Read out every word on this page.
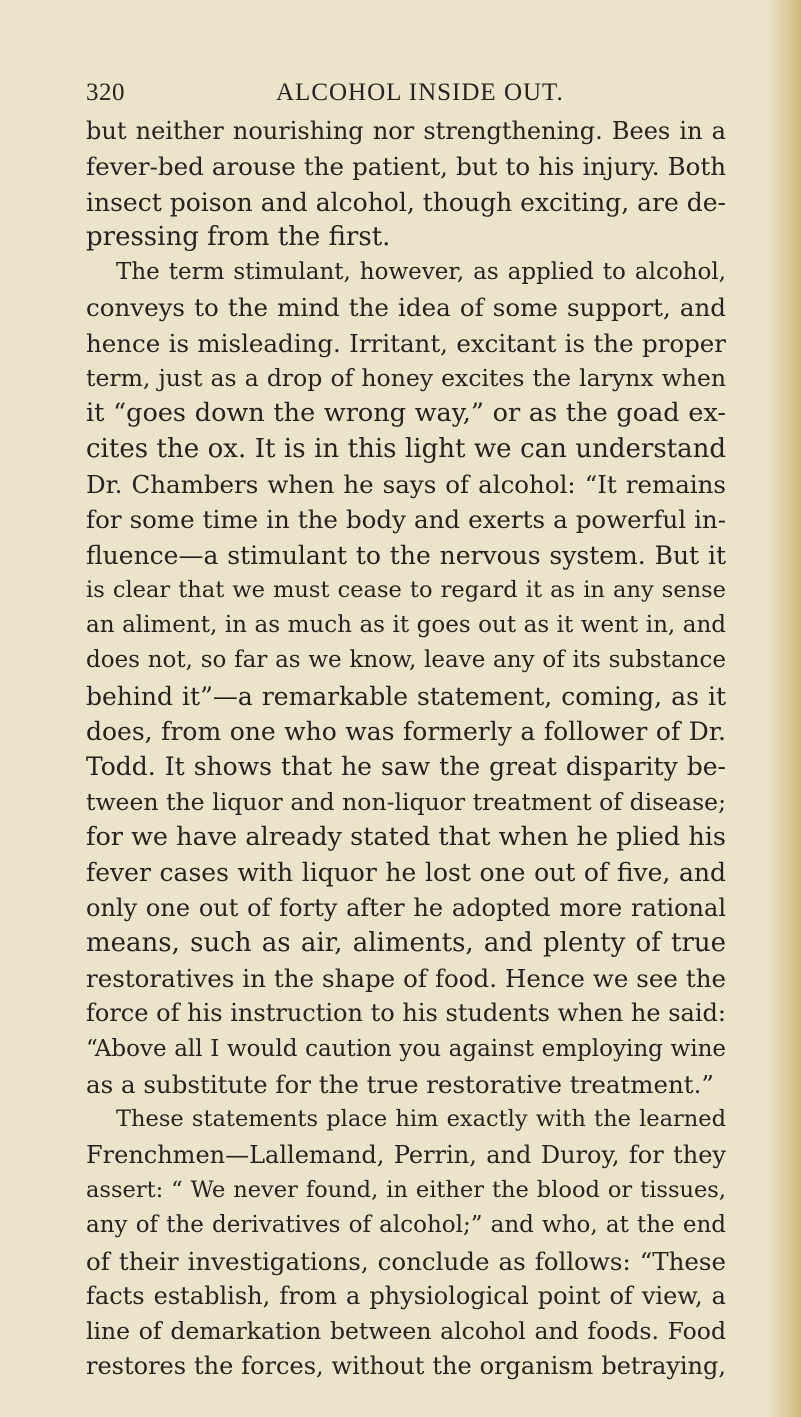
320	ALCOHOL INSIDE OUT.
but neither nourishing nor strengthening. Bees in a
fever-bed arouse the patient, but to his injury. Both
insect poison and alcohol, though exciting, are de-
pressing from the first.
The term stimulant, however, as applied to alcohol,
conveys to the mind the idea of some support, and
hence is misleading. Irritant, excitant is the proper
term, just as a drop of honey excites the larynx when
it “goes down the wrong way,” or as the goad ex-
cites the ox. It is in this light we can understand
Dr. Chambers when he says of alcohol: “It remains
for some time in the body and exerts a powerful in-
fluence—a stimulant to the nervous system. But it
is clear that we must cease to regard it as in any sense
an aliment, in as much as it goes out as it went in, and
does not, so far as we know, leave any of its substance
behind it”—a remarkable statement, coming, as it
does, from one who was formerly a follower of Dr.
Todd. It shows that he saw the great disparity be-
tween the liquor and non-liquor treatment of disease;
for we have already stated that when he plied his
fever cases with liquor he lost one out of five, and
only one out of forty after he adopted more rational
means, such as air, aliments, and plenty of true
restoratives in the shape of food. Hence we see the
force of his instruction to his students when he said:
“Above all I would caution you against employing wine
as a substitute for the true restorative treatment.”
These statements place him exactly with the learned
Frenchmen—Lallemand, Perrin, and Duroy, for they
assert: “ We never found, in either the blood or tissues,
any of the derivatives of alcohol;” and who, at the end
of their investigations, conclude as follows: “These
facts establish, from a physiological point of view, a
line of demarkation between alcohol and foods. Food
restores the forces, without the organism betraying,
